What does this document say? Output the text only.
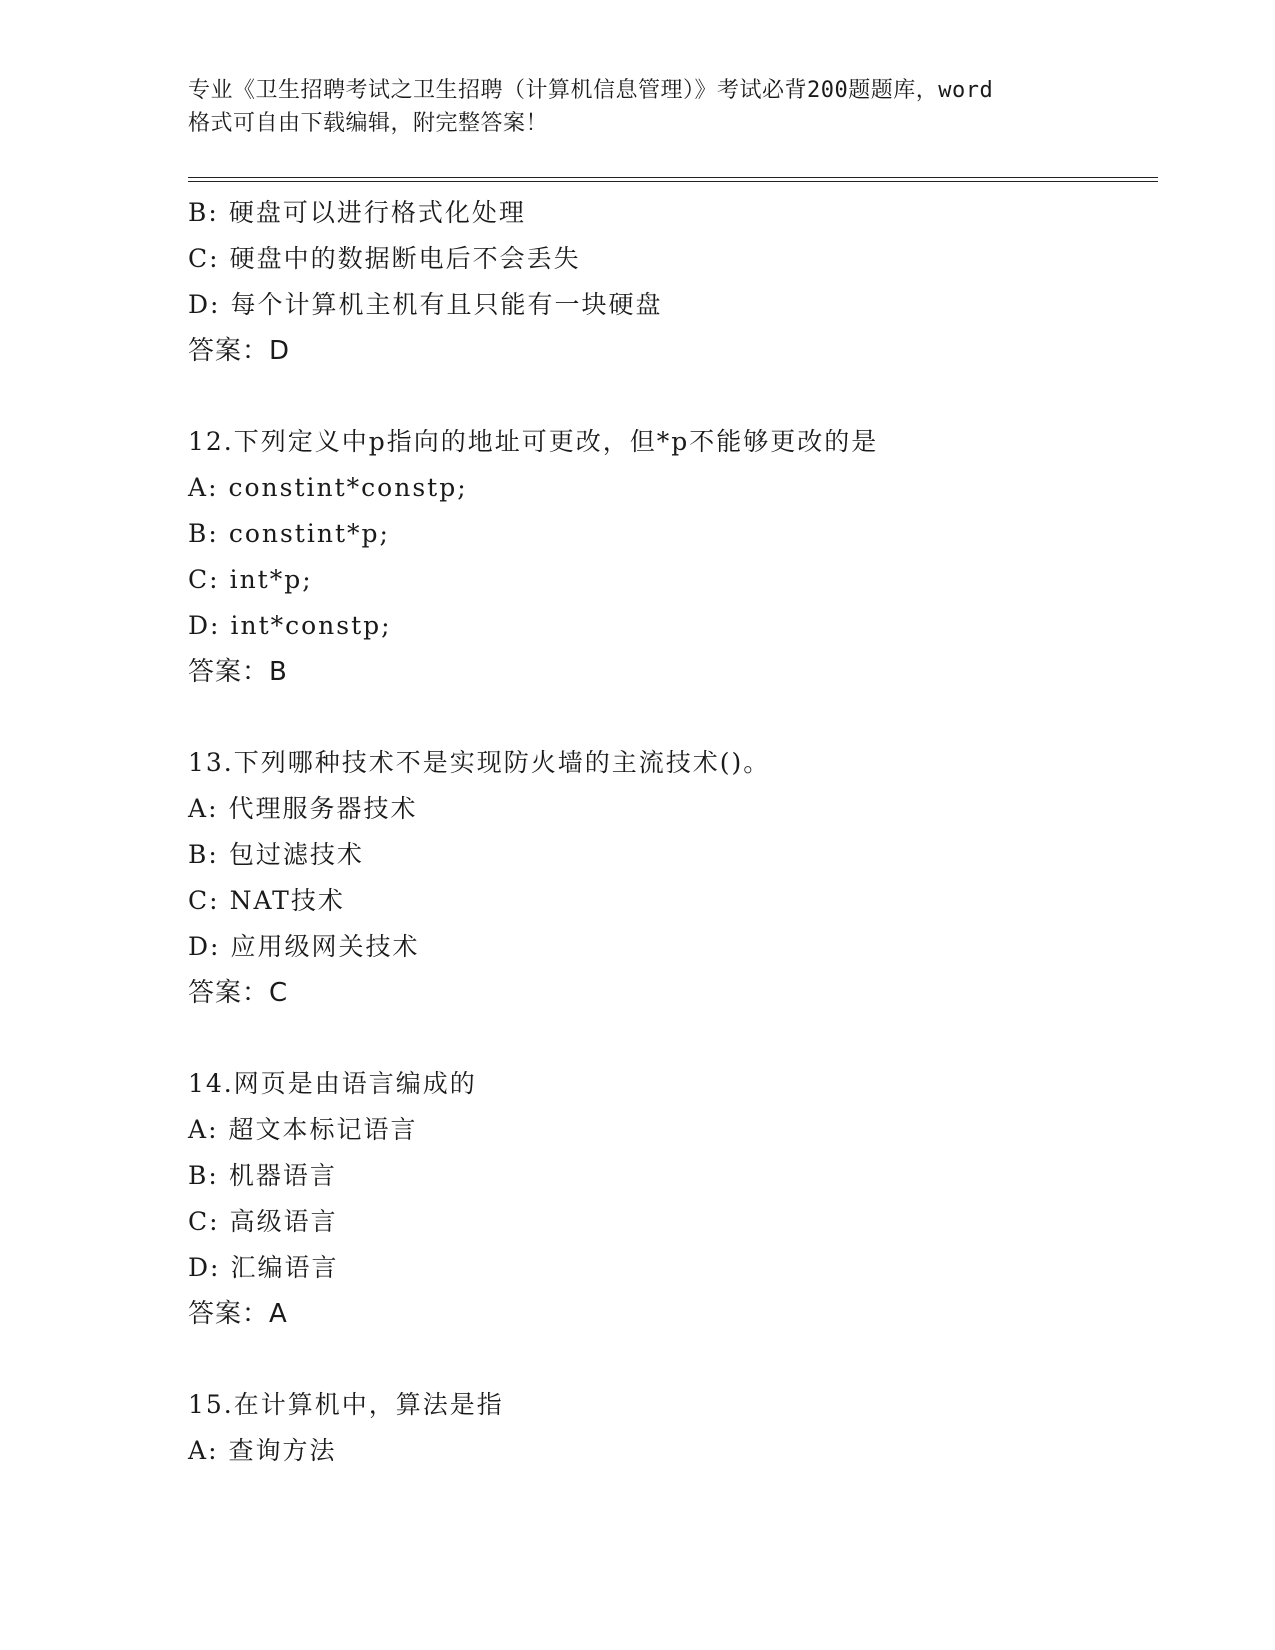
专业《卫生招聘考试之卫生招聘（计算机信息管理）》考试必背200题题库，word
格式可自由下载编辑，附完整答案！
B: 硬盘可以进行格式化处理
C: 硬盘中的数据断电后不会丢失
D: 每个计算机主机有且只能有一块硬盘
答案：D
12.下列定义中p指向的地址可更改，但*p不能够更改的是
A: constint*constp;
B: constint*p;
C: int*p;
D: int*constp;
答案：B
13.下列哪种技术不是实现防火墙的主流技术()。
A: 代理服务器技术
B: 包过滤技术
C: NAT技术
D: 应用级网关技术
答案：C
14.网页是由语言编成的
A: 超文本标记语言
B: 机器语言
C: 高级语言
D: 汇编语言
答案：A
15.在计算机中，算法是指
A: 查询方法
